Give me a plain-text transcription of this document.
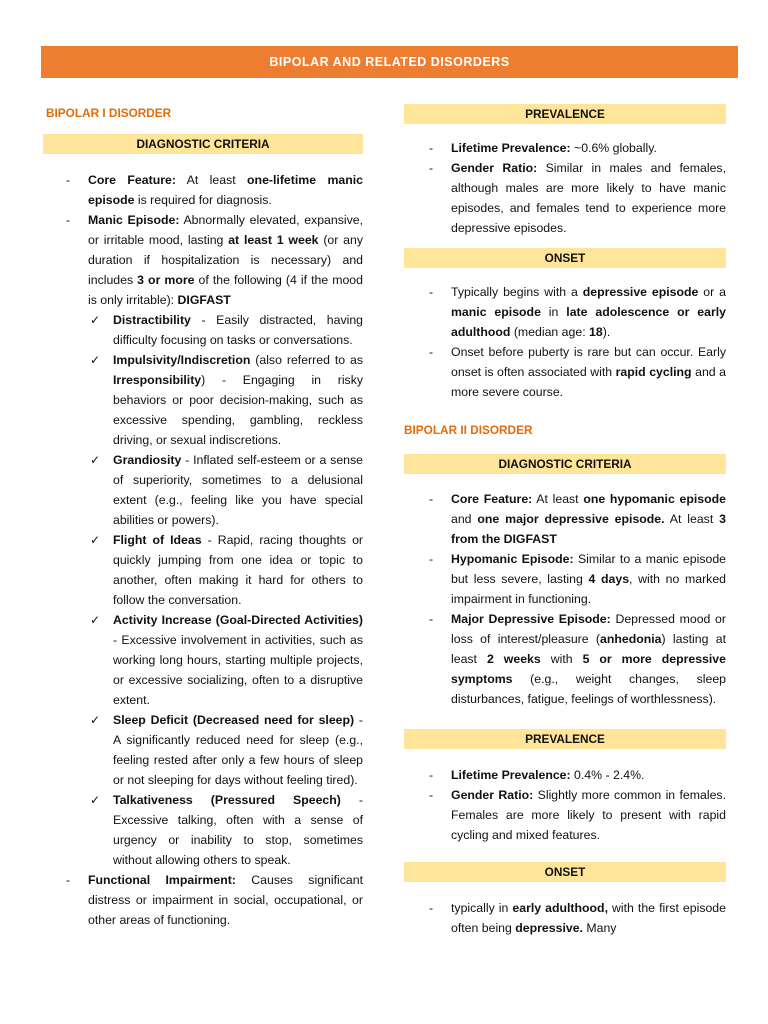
BIPOLAR AND RELATED DISORDERS
BIPOLAR I DISORDER
DIAGNOSTIC CRITERIA
- Core Feature: At least one-lifetime manic episode is required for diagnosis.
- Manic Episode: Abnormally elevated, expansive, or irritable mood, lasting at least 1 week (or any duration if hospitalization is necessary) and includes 3 or more of the following (4 if the mood is only irritable): DIGFAST
✓ Distractibility - Easily distracted, having difficulty focusing on tasks or conversations.
✓ Impulsivity/Indiscretion (also referred to as Irresponsibility) - Engaging in risky behaviors or poor decision-making, such as excessive spending, gambling, reckless driving, or sexual indiscretions.
✓ Grandiosity - Inflated self-esteem or a sense of superiority, sometimes to a delusional extent (e.g., feeling like you have special abilities or powers).
✓ Flight of Ideas - Rapid, racing thoughts or quickly jumping from one idea or topic to another, often making it hard for others to follow the conversation.
✓ Activity Increase (Goal-Directed Activities) - Excessive involvement in activities, such as working long hours, starting multiple projects, or excessive socializing, often to a disruptive extent.
✓ Sleep Deficit (Decreased need for sleep) - A significantly reduced need for sleep (e.g., feeling rested after only a few hours of sleep or not sleeping for days without feeling tired).
✓ Talkativeness (Pressured Speech) - Excessive talking, often with a sense of urgency or inability to stop, sometimes without allowing others to speak.
- Functional Impairment: Causes significant distress or impairment in social, occupational, or other areas of functioning.
PREVALENCE
- Lifetime Prevalence: ~0.6% globally.
- Gender Ratio: Similar in males and females, although males are more likely to have manic episodes, and females tend to experience more depressive episodes.
ONSET
- Typically begins with a depressive episode or a manic episode in late adolescence or early adulthood (median age: 18).
- Onset before puberty is rare but can occur. Early onset is often associated with rapid cycling and a more severe course.
BIPOLAR II DISORDER
DIAGNOSTIC CRITERIA
- Core Feature: At least one hypomanic episode and one major depressive episode. At least 3 from the DIGFAST
- Hypomanic Episode: Similar to a manic episode but less severe, lasting 4 days, with no marked impairment in functioning.
- Major Depressive Episode: Depressed mood or loss of interest/pleasure (anhedonia) lasting at least 2 weeks with 5 or more depressive symptoms (e.g., weight changes, sleep disturbances, fatigue, feelings of worthlessness).
PREVALENCE
- Lifetime Prevalence: 0.4% - 2.4%.
- Gender Ratio: Slightly more common in females. Females are more likely to present with rapid cycling and mixed features.
ONSET
- typically in early adulthood, with the first episode often being depressive. Many
